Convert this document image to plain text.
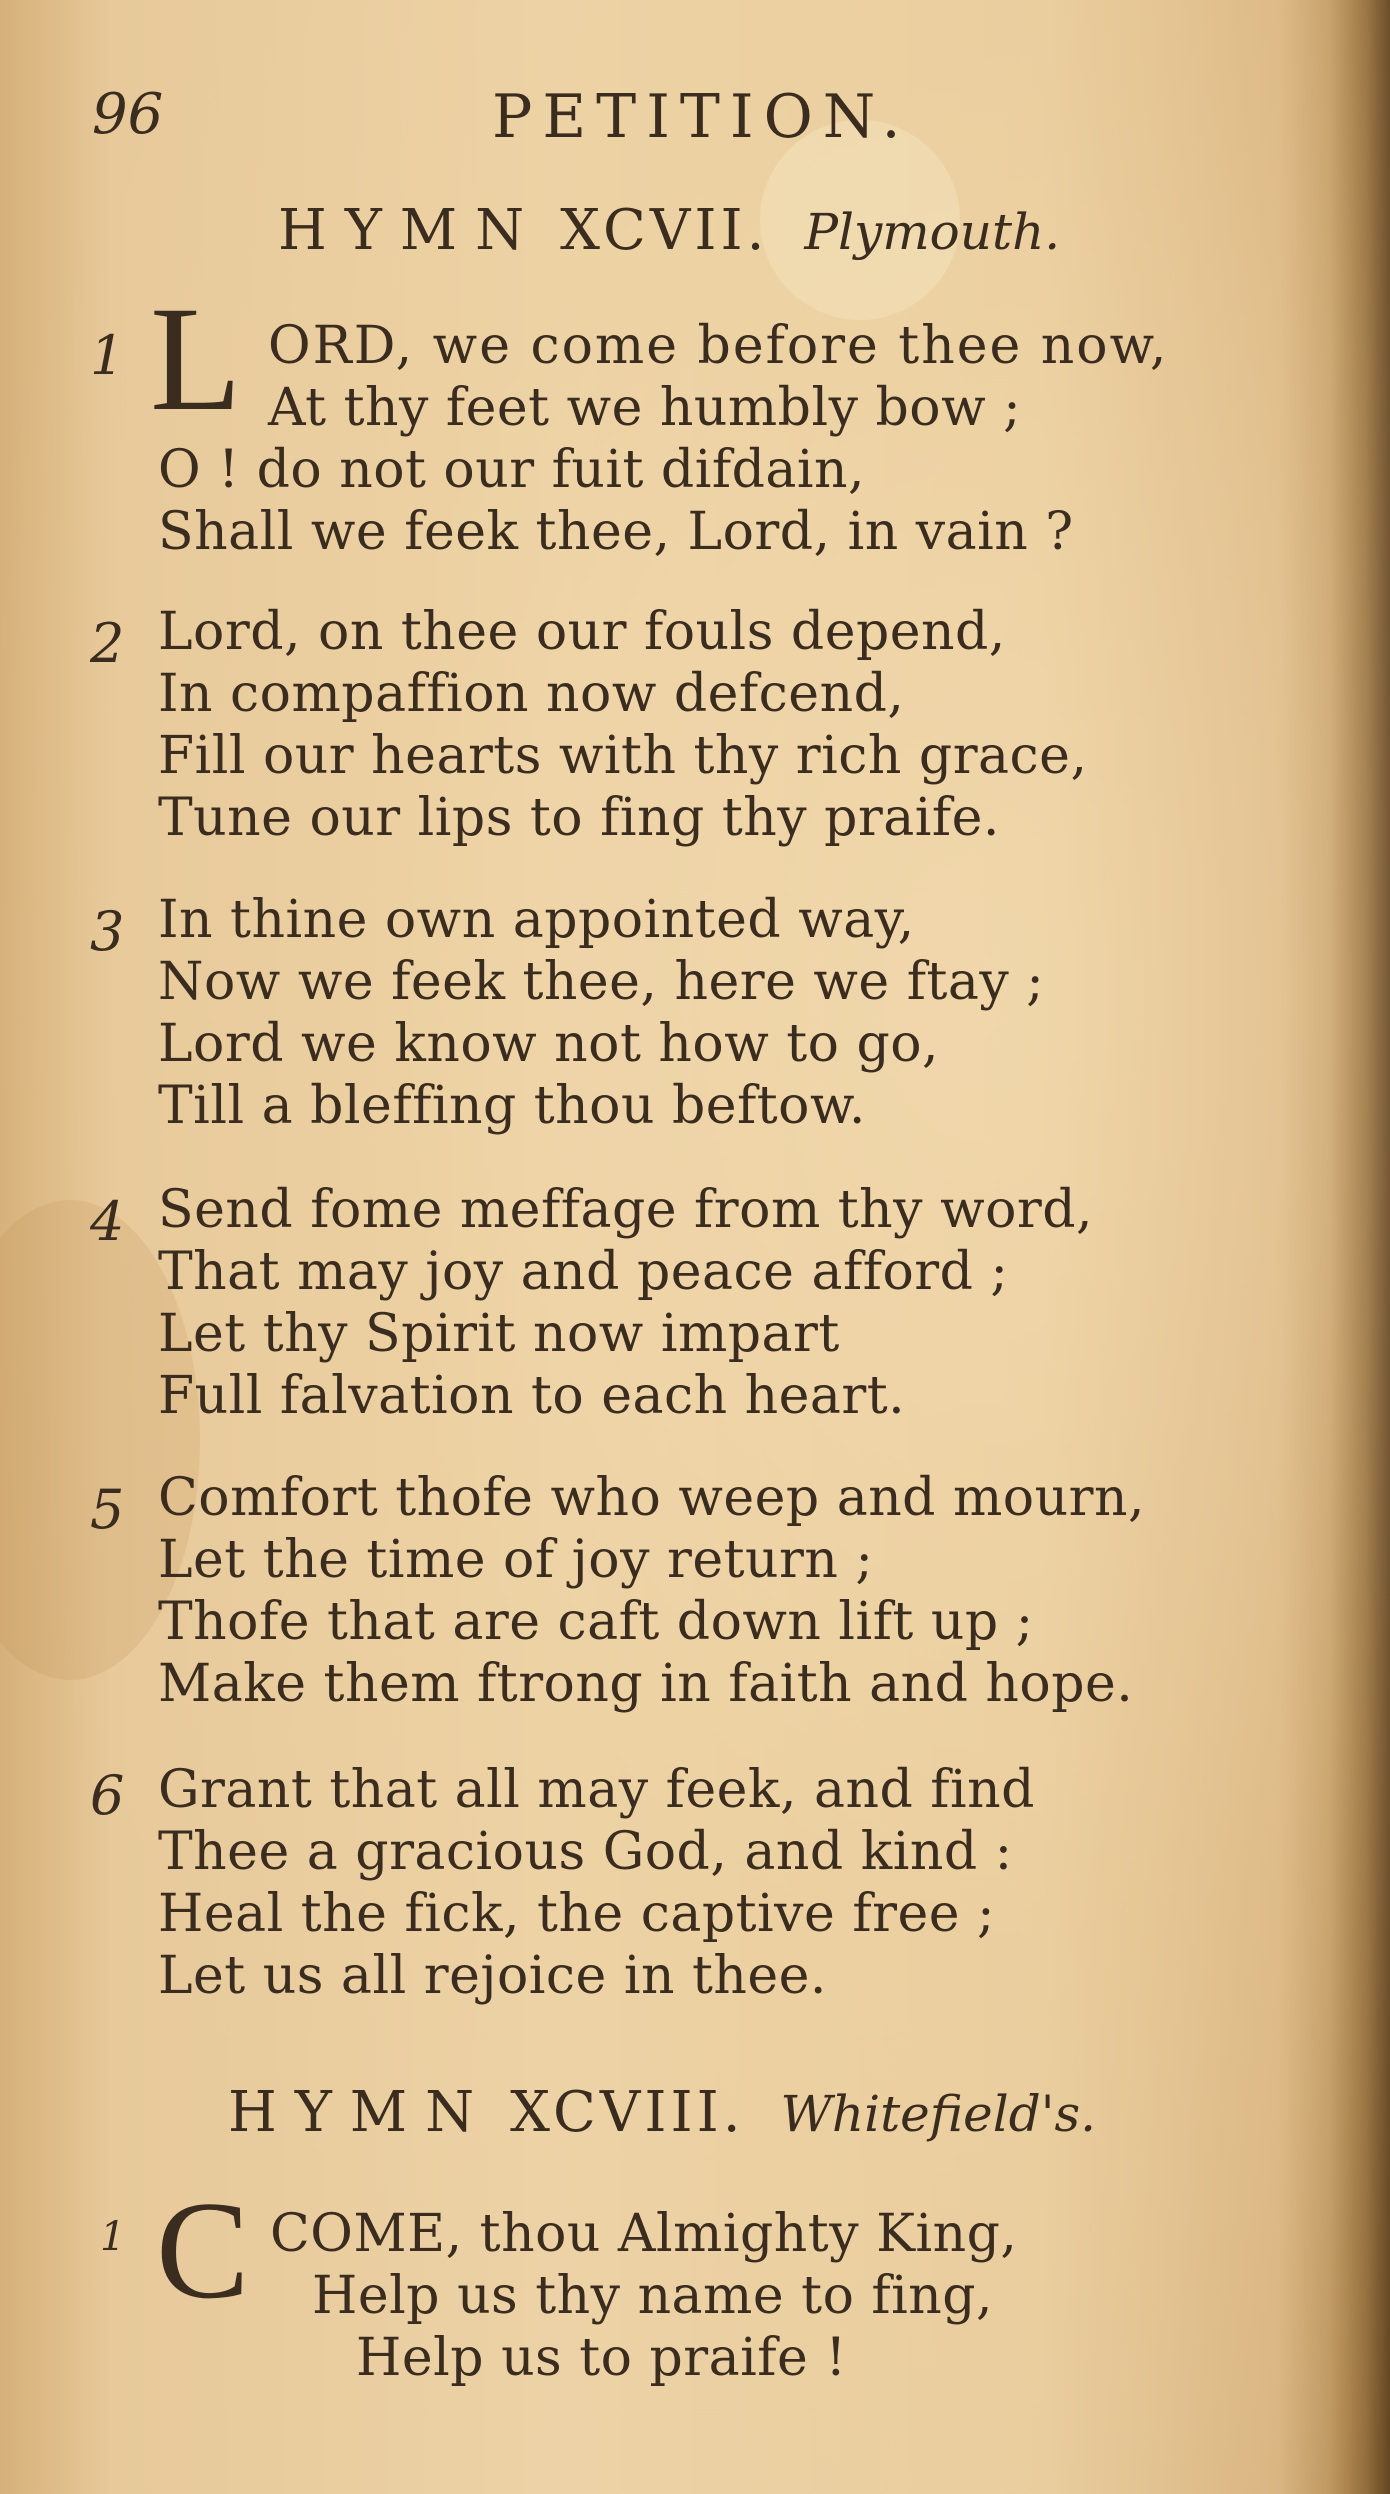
96	PETITION.
HYMN XCVII. Plymouth.
1 L ORD, we come before thee now,
At thy feet we humbly bow ;
O ! do not our fuit difdain,
Shall we feek thee, Lord, in vain ?
2 Lord, on thee our fouls depend,
In compaffion now defcend,
Fill our hearts with thy rich grace,
Tune our lips to fing thy praife.
3 In thine own appointed way,
Now we feek thee, here we ftay ;
Lord we know not how to go,
Till a bleffing thou beftow.
4 Send fome meffage from thy word,
That may joy and peace afford ;
Let thy Spirit now impart
Full falvation to each heart.
5 Comfort thofe who weep and mourn,
Let the time of joy return ;
Thofe that are caft down lift up ;
Make them ftrong in faith and hope.
6 Grant that all may feek, and find
Thee a gracious God, and kind :
Heal the fick, the captive free ;
Let us all rejoice in thee.
HYMN XCVIII. Whitefield's.
1 C COME, thou Almighty King,
Help us thy name to fing,
Help us to praife !
